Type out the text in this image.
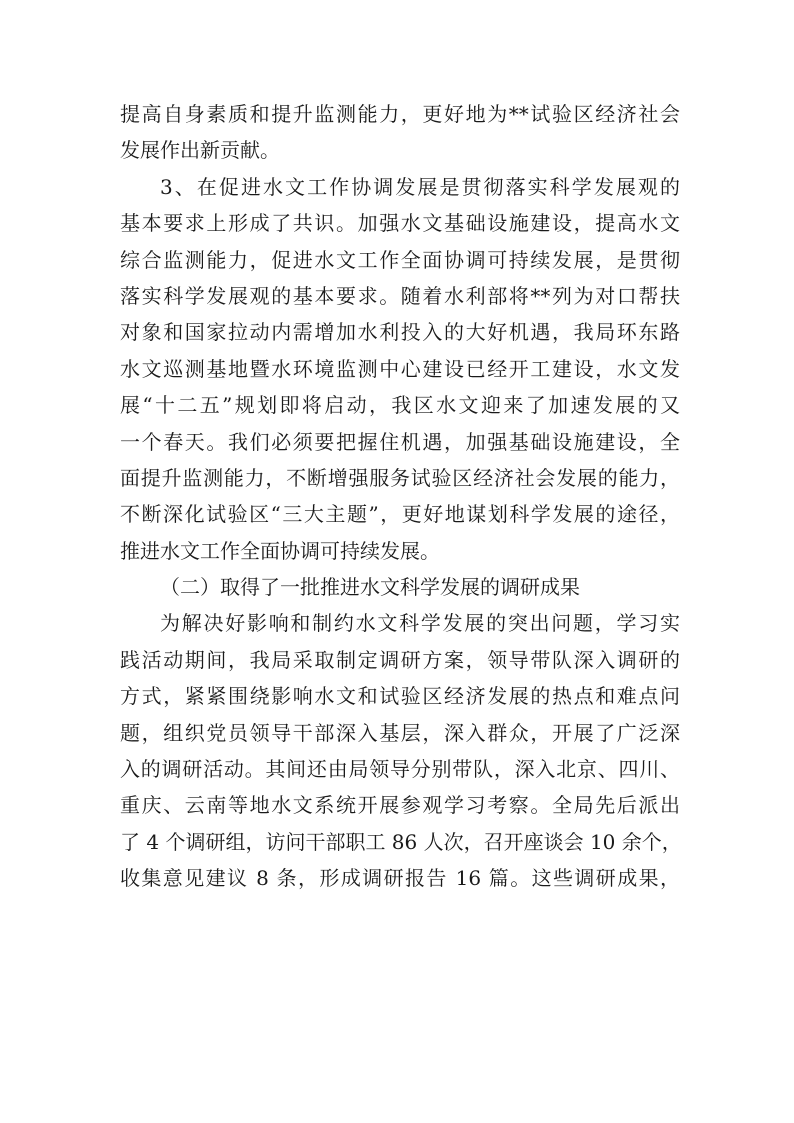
提高自身素质和提升监测能力，更好地为**试验区经济社会
发展作出新贡献。
3、在促进水文工作协调发展是贯彻落实科学发展观的
基本要求上形成了共识。加强水文基础设施建设，提高水文
综合监测能力，促进水文工作全面协调可持续发展，是贯彻
落实科学发展观的基本要求。随着水利部将**列为对口帮扶
对象和国家拉动内需增加水利投入的大好机遇，我局环东路
水文巡测基地暨水环境监测中心建设已经开工建设，水文发
展“十二五”规划即将启动，我区水文迎来了加速发展的又
一个春天。我们必须要把握住机遇，加强基础设施建设，全
面提升监测能力，不断增强服务试验区经济社会发展的能力，
不断深化试验区“三大主题”，更好地谋划科学发展的途径，
推进水文工作全面协调可持续发展。
（二）取得了一批推进水文科学发展的调研成果
为解决好影响和制约水文科学发展的突出问题，学习实
践活动期间，我局采取制定调研方案，领导带队深入调研的
方式，紧紧围绕影响水文和试验区经济发展的热点和难点问
题，组织党员领导干部深入基层，深入群众，开展了广泛深
入的调研活动。其间还由局领导分别带队，深入北京、四川、
重庆、云南等地水文系统开展参观学习考察。全局先后派出
了 4 个调研组，访问干部职工 86 人次，召开座谈会 10 余个，
收集意见建议 8 条，形成调研报告 16 篇。这些调研成果，
